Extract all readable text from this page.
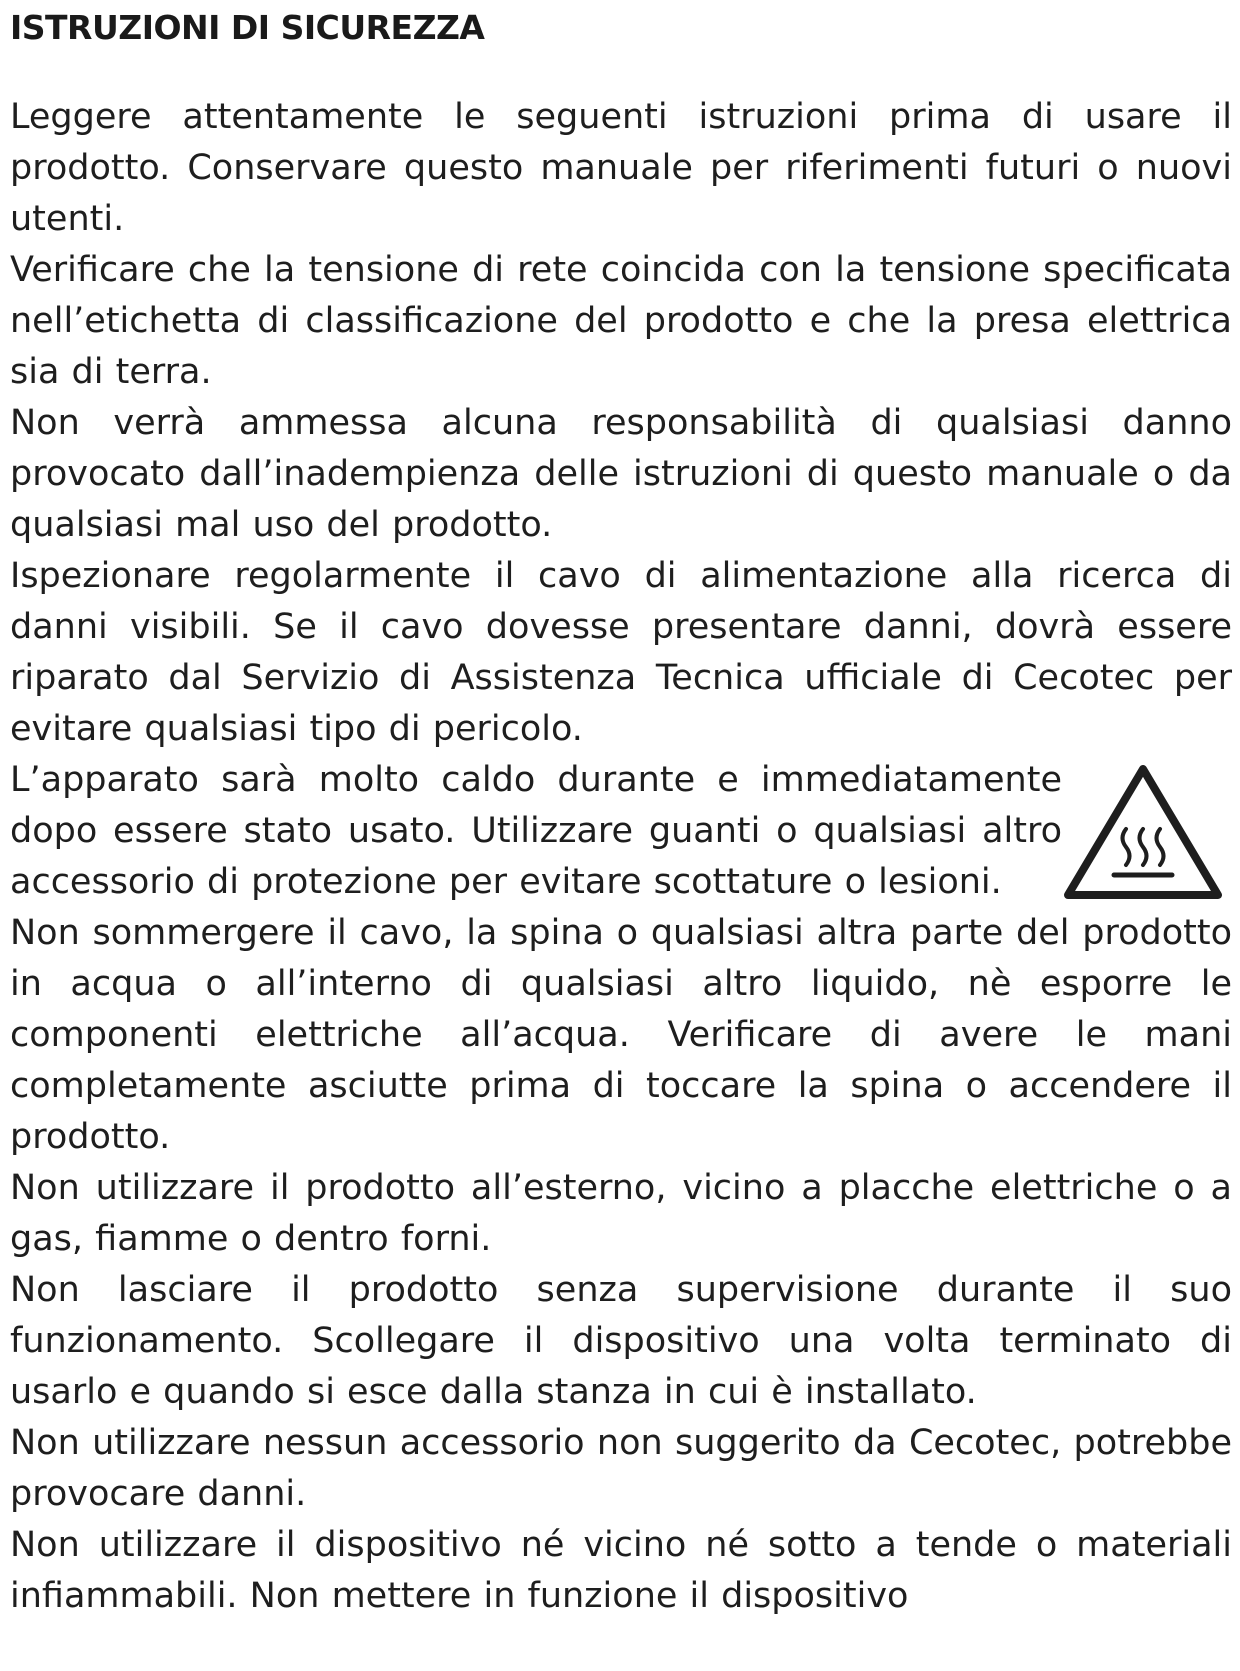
ISTRUZIONI DI SICUREZZA

Leggere attentamente le seguenti istruzioni prima di usare il prodotto. Conservare questo manuale per riferimenti futuri o nuovi utenti.

Verificare che la tensione di rete coincida con la tensione specificata nell’etichetta di classificazione del prodotto e che la presa elettrica sia di terra.

Non verrà ammessa alcuna responsabilità di qualsiasi danno provocato dall’inadempienza delle istruzioni di questo manuale o da qualsiasi mal uso del prodotto.

Ispezionare regolarmente il cavo di alimentazione alla ricerca di danni visibili. Se il cavo dovesse presentare danni, dovrà essere riparato dal Servizio di Assistenza Tecnica ufficiale di Cecotec per evitare qualsiasi tipo di pericolo.

L’apparato sarà molto caldo durante e immediatamente dopo essere stato usato. Utilizzare guanti o qualsiasi altro accessorio di protezione per evitare scottature o lesioni.

Non sommergere il cavo, la spina o qualsiasi altra parte del prodotto in acqua o all’interno di qualsiasi altro liquido, nè esporre le componenti elettriche all’acqua. Verificare di avere le mani completamente asciutte prima di toccare la spina o accendere il prodotto.

Non utilizzare il prodotto all’esterno, vicino a placche elettriche o a gas, fiamme o dentro forni.

Non lasciare il prodotto senza supervisione durante il suo funzionamento. Scollegare il dispositivo una volta terminato di usarlo e quando si esce dalla stanza in cui è installato.

Non utilizzare nessun accessorio non suggerito da Cecotec, potrebbe provocare danni.

Non utilizzare il dispositivo né vicino né sotto a tende o materiali infiammabili. Non mettere in funzione il dispositivo
